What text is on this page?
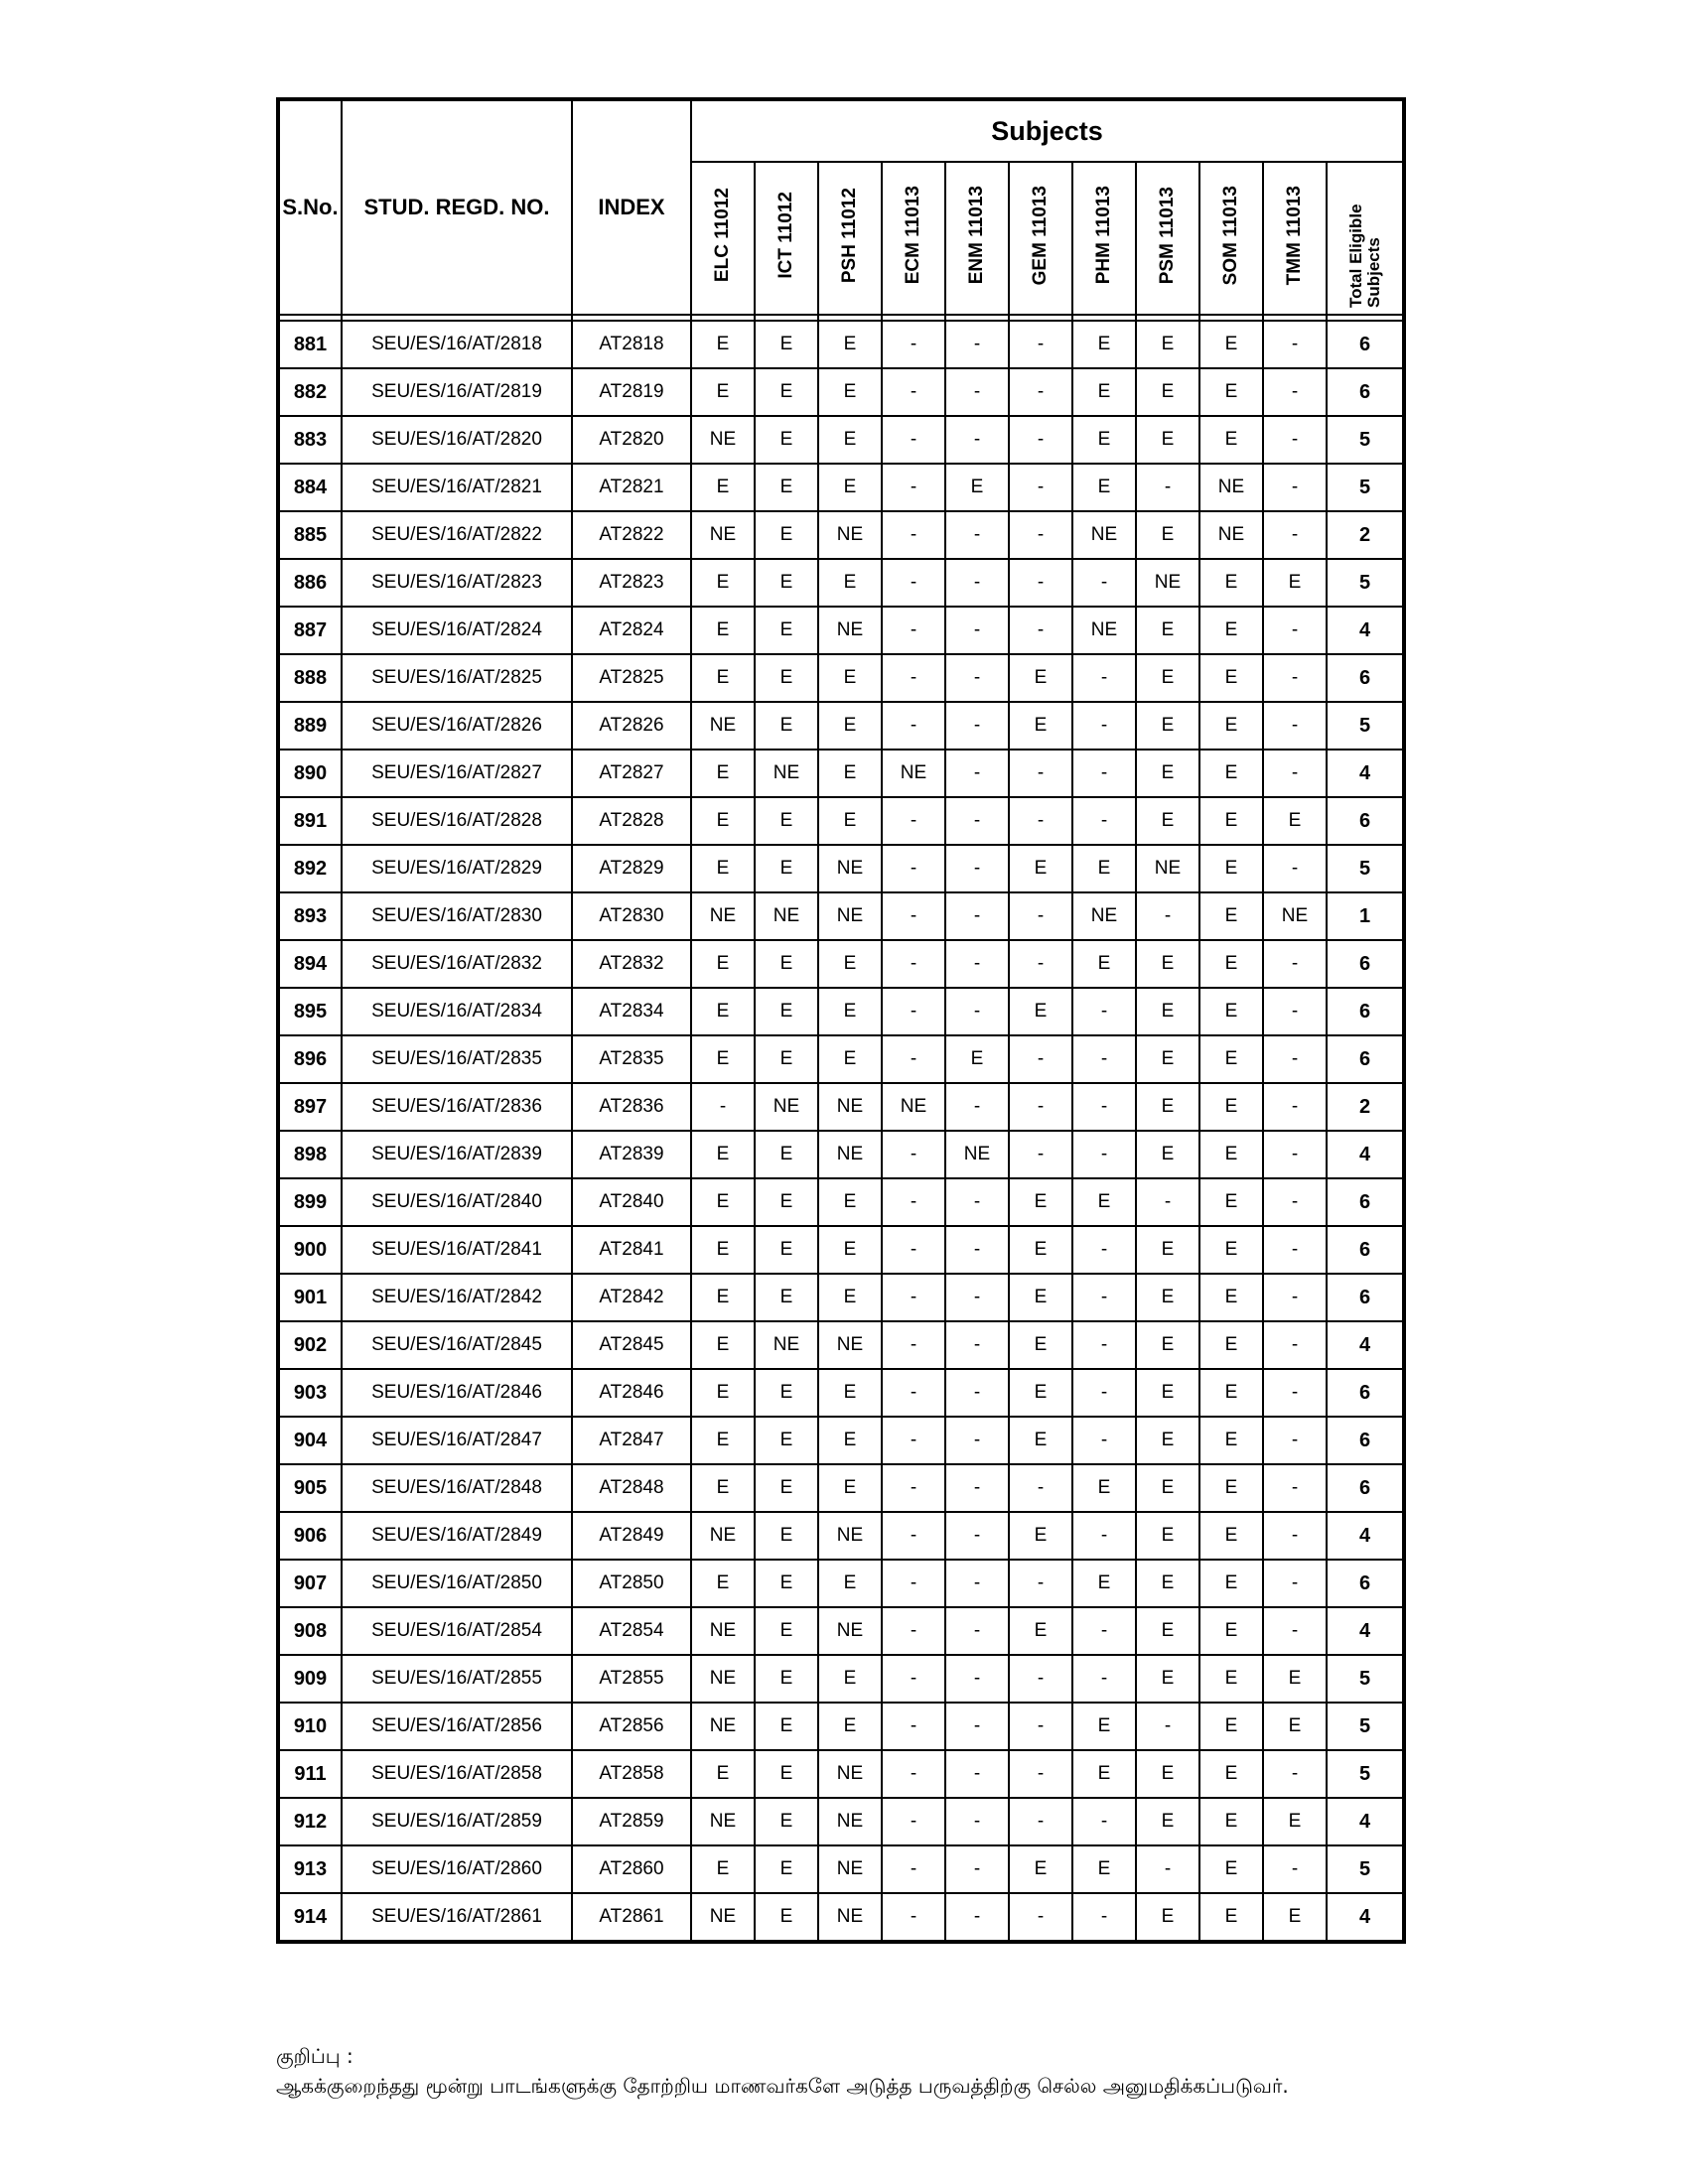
S.No.	STUD. REGD. NO.	INDEX	Subjects										
			ELC 11012	ICT 11012	PSH 11012	ECM 11013	ENM 11013	GEM 11013	PHM 11013	PSM 11013	SOM 11013	TMM 11013	Total Eligible Subjects

881	SEU/ES/16/AT/2818	AT2818	E	E	E	-	-	-	E	E	E	-	6
882	SEU/ES/16/AT/2819	AT2819	E	E	E	-	-	-	E	E	E	-	6
883	SEU/ES/16/AT/2820	AT2820	NE	E	E	-	-	-	E	E	E	-	5
884	SEU/ES/16/AT/2821	AT2821	E	E	E	-	E	-	E	-	NE	-	5
885	SEU/ES/16/AT/2822	AT2822	NE	E	NE	-	-	-	NE	E	NE	-	2
886	SEU/ES/16/AT/2823	AT2823	E	E	E	-	-	-	-	NE	E	E	5
887	SEU/ES/16/AT/2824	AT2824	E	E	NE	-	-	-	NE	E	E	-	4
888	SEU/ES/16/AT/2825	AT2825	E	E	E	-	-	E	-	E	E	-	6
889	SEU/ES/16/AT/2826	AT2826	NE	E	E	-	-	E	-	E	E	-	5
890	SEU/ES/16/AT/2827	AT2827	E	NE	E	NE	-	-	-	E	E	-	4
891	SEU/ES/16/AT/2828	AT2828	E	E	E	-	-	-	-	E	E	E	6
892	SEU/ES/16/AT/2829	AT2829	E	E	NE	-	-	E	E	NE	E	-	5
893	SEU/ES/16/AT/2830	AT2830	NE	NE	NE	-	-	-	NE	-	E	NE	1
894	SEU/ES/16/AT/2832	AT2832	E	E	E	-	-	-	E	E	E	-	6
895	SEU/ES/16/AT/2834	AT2834	E	E	E	-	-	E	-	E	E	-	6
896	SEU/ES/16/AT/2835	AT2835	E	E	E	-	E	-	-	E	E	-	6
897	SEU/ES/16/AT/2836	AT2836	-	NE	NE	NE	-	-	-	E	E	-	2
898	SEU/ES/16/AT/2839	AT2839	E	E	NE	-	NE	-	-	E	E	-	4
899	SEU/ES/16/AT/2840	AT2840	E	E	E	-	-	E	E	-	E	-	6
900	SEU/ES/16/AT/2841	AT2841	E	E	E	-	-	E	-	E	E	-	6
901	SEU/ES/16/AT/2842	AT2842	E	E	E	-	-	E	-	E	E	-	6
902	SEU/ES/16/AT/2845	AT2845	E	NE	NE	-	-	E	-	E	E	-	4
903	SEU/ES/16/AT/2846	AT2846	E	E	E	-	-	E	-	E	E	-	6
904	SEU/ES/16/AT/2847	AT2847	E	E	E	-	-	E	-	E	E	-	6
905	SEU/ES/16/AT/2848	AT2848	E	E	E	-	-	-	E	E	E	-	6
906	SEU/ES/16/AT/2849	AT2849	NE	E	NE	-	-	E	-	E	E	-	4
907	SEU/ES/16/AT/2850	AT2850	E	E	E	-	-	-	E	E	E	-	6
908	SEU/ES/16/AT/2854	AT2854	NE	E	NE	-	-	E	-	E	E	-	4
909	SEU/ES/16/AT/2855	AT2855	NE	E	E	-	-	-	-	E	E	E	5
910	SEU/ES/16/AT/2856	AT2856	NE	E	E	-	-	-	E	-	E	E	5
911	SEU/ES/16/AT/2858	AT2858	E	E	NE	-	-	-	E	E	E	-	5
912	SEU/ES/16/AT/2859	AT2859	NE	E	NE	-	-	-	-	E	E	E	4
913	SEU/ES/16/AT/2860	AT2860	E	E	NE	-	-	E	E	-	E	-	5
914	SEU/ES/16/AT/2861	AT2861	NE	E	NE	-	-	-	-	E	E	E	4
குறிப்பு :
ஆகக்குறைந்தது மூன்று பாடங்களுக்கு தோற்றிய மாணவர்களே அடுத்த பருவத்திற்கு செல்ல அனுமதிக்கப்படுவர்.
